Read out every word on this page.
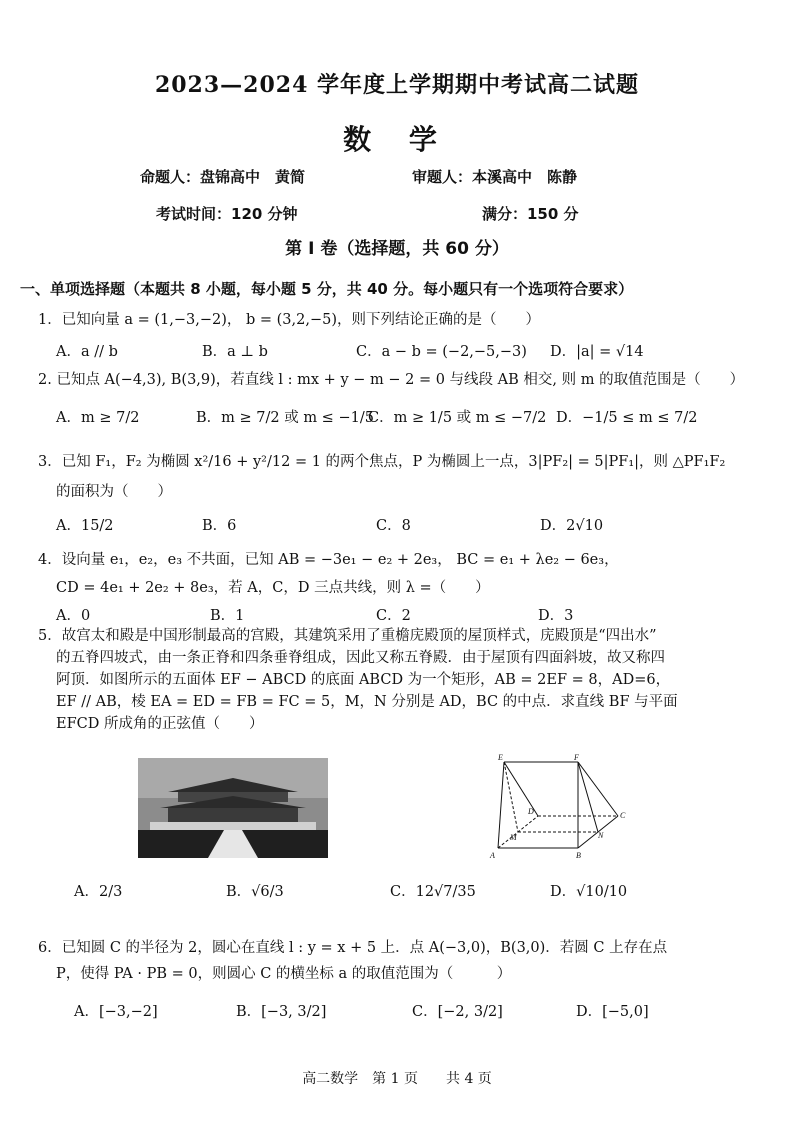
2023—2024 学年度上学期期中考试高二试题
数 学
命题人：盘锦高中　黄简	审题人：本溪高中　陈静
考试时间：120 分钟	满分：150 分
第 Ⅰ 卷（选择题，共 60 分）
一、单项选择题（本题共 8 小题，每小题 5 分，共 40 分。每小题只有一个选项符合要求）
1．已知向量 a = (1,−3,−2)， b = (3,2,−5)，则下列结论正确的是（　　）
A．a // b	B．a ⊥ b	C．a − b = (−2,−5,−3) D．|a| = √14
2. 已知点 A(−4,3), B(3,9)，若直线 l : mx + y − m − 2 = 0 与线段 AB 相交, 则 m 的取值范围是（　　）
A．m ≥ 7/2	B．m ≥ 7/2 或 m ≤ −1/5
C．m ≥ 1/5 或 m ≤ −7/2 D．−1/5 ≤ m ≤ 7/2
3．已知 F₁，F₂ 为椭圆 x²/16 + y²/12 = 1 的两个焦点，P 为椭圆上一点，3|PF₂| = 5|PF₁|，则 △PF₁F₂
的面积为（　　）
A．15/2	B．6	C．8	D．2√10
4．设向量 e₁，e₂，e₃ 不共面，已知 AB = −3e₁ − e₂ + 2e₃， BC = e₁ + λe₂ − 6e₃，
CD = 4e₁ + 2e₂ + 8e₃，若 A，C，D 三点共线，则 λ =（　　）
A．0	B．1	C．2	D．3
5．故宫太和殿是中国形制最高的宫殿，其建筑采用了重檐庑殿顶的屋顶样式，庑殿顶是“四出水”
的五脊四坡式，由一条正脊和四条垂脊组成，因此又称五脊殿．由于屋顶有四面斜坡，故又称四
阿顶．如图所示的五面体 EF − ABCD 的底面 ABCD 为一个矩形，AB = 2EF = 8，AD=6，
EF // AB，棱 EA = ED = FB = FC = 5，M，N 分别是 AD，BC 的中点．求直线 BF 与平面
EFCD 所成角的正弦值（　　）
E	F
D	C
M	N
A	B
A．2/3	B．√6/3	C．12√7/35	D．√10/10
6．已知圆 C 的半径为 2，圆心在直线 l : y = x + 5 上．点 A(−3,0)，B(3,0)．若圆 C 上存在点
P，使得 PA · PB = 0，则圆心 C 的横坐标 a 的取值范围为（　　　）
A．[−3,−2]	B．[−3, 3/2]	C．[−2, 3/2]	D．[−5,0]
高二数学　第 1 页　　共 4 页
